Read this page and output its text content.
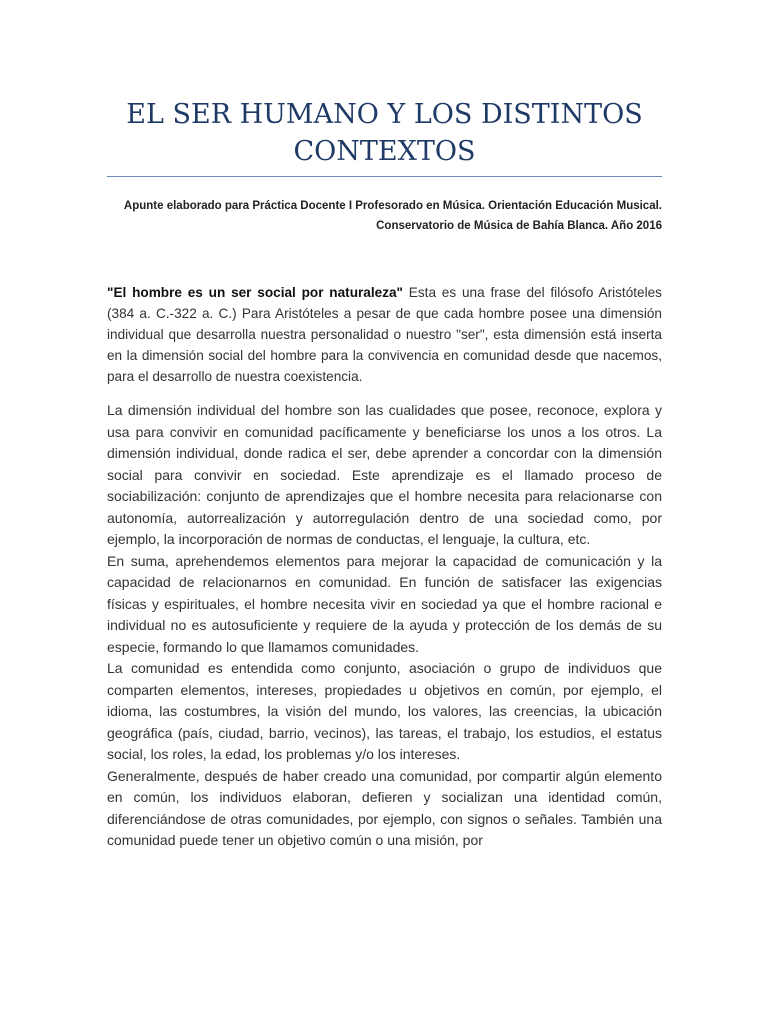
EL SER HUMANO Y LOS DISTINTOS
CONTEXTOS
Apunte elaborado para Práctica Docente I Profesorado en Música. Orientación Educación Musical.
Conservatorio de Música de Bahía Blanca. Año 2016

"El hombre es un ser social por naturaleza" Esta es una frase del filósofo Aristóteles (384 a. C.-322 a. C.) Para Aristóteles a pesar de que cada hombre posee una dimensión individual que desarrolla nuestra personalidad o nuestro "ser", esta dimensión está inserta en la dimensión social del hombre para la convivencia en comunidad desde que nacemos, para el desarrollo de nuestra coexistencia.

La dimensión individual del hombre son las cualidades que posee, reconoce, explora y usa para convivir en comunidad pacíficamente y beneficiarse los unos a los otros. La dimensión individual, donde radica el ser, debe aprender a concordar con la dimensión social para convivir en sociedad. Este aprendizaje es el llamado proceso de sociabilización: conjunto de aprendizajes que el hombre necesita para relacionarse con autonomía, autorrealización y autorregulación dentro de una sociedad como, por ejemplo, la incorporación de normas de conductas, el lenguaje, la cultura, etc.

En suma, aprehendemos elementos para mejorar la capacidad de comunicación y la capacidad de relacionarnos en comunidad. En función de satisfacer las exigencias físicas y espirituales, el hombre necesita vivir en sociedad ya que el hombre racional e individual no es autosuficiente y requiere de la ayuda y protección de los demás de su especie, formando lo que llamamos comunidades.

La comunidad es entendida como conjunto, asociación o grupo de individuos que comparten elementos, intereses, propiedades u objetivos en común, por ejemplo, el idioma, las costumbres, la visión del mundo, los valores, las creencias, la ubicación geográfica (país, ciudad, barrio, vecinos), las tareas, el trabajo, los estudios, el estatus social, los roles, la edad, los problemas y/o los intereses.

Generalmente, después de haber creado una comunidad, por compartir algún elemento en común, los individuos elaboran, defieren y socializan una identidad común, diferenciándose de otras comunidades, por ejemplo, con signos o señales. También una comunidad puede tener un objetivo común o una misión, por
